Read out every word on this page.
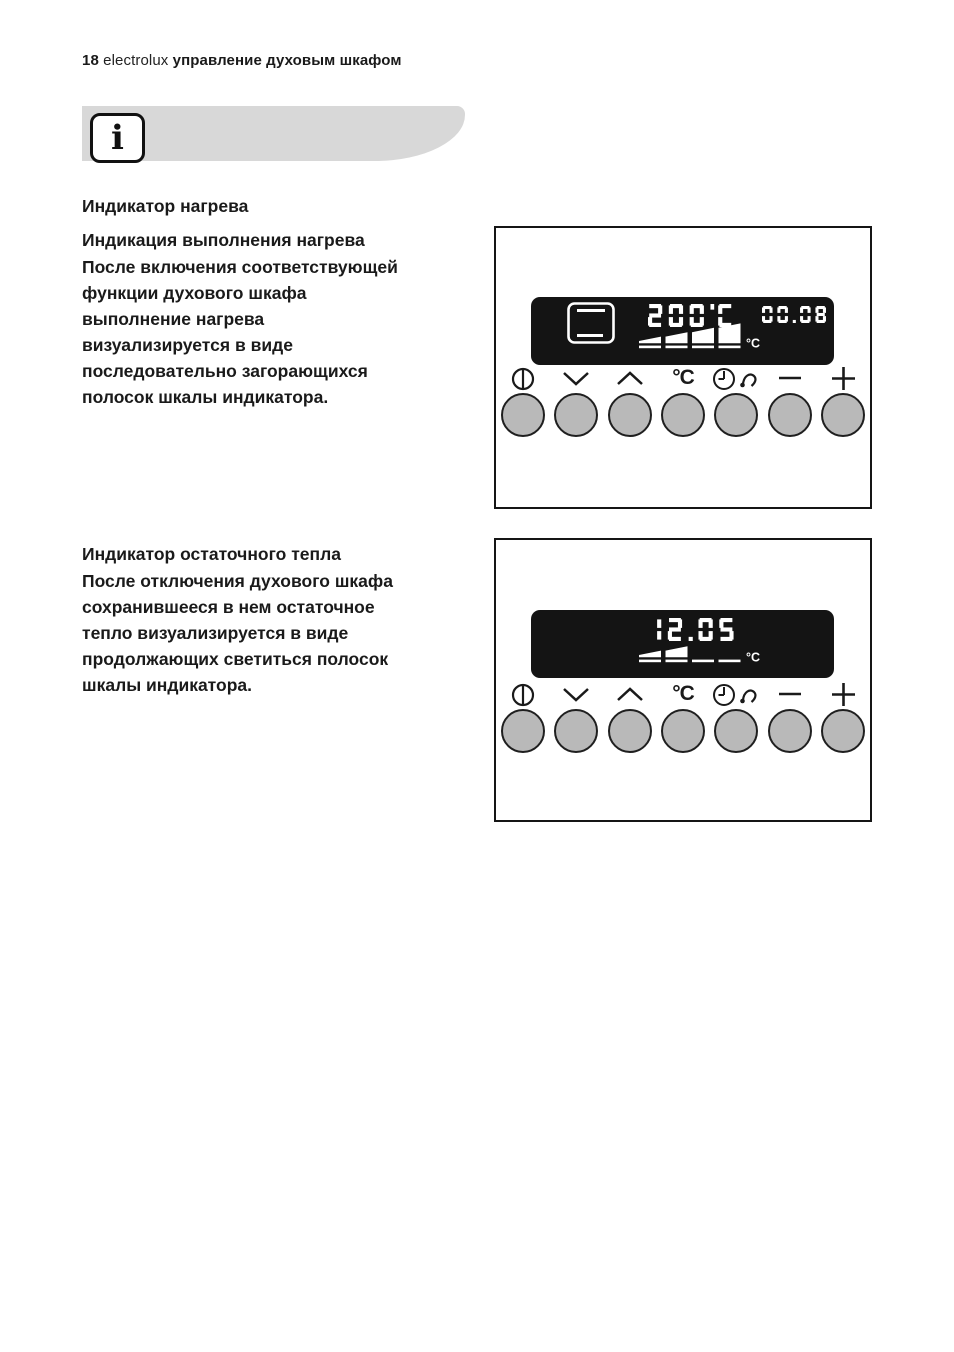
18 electrolux управление духовым шкафом
i
Индикатор нагрева
Индикация выполнения нагрева
После включения соответствующей
функции духового шкафа
выполнение нагрева
визуализируется в виде
последовательно загорающихся
полосок шкалы индикатора.
Индикатор остаточного тепла
После отключения духового шкафа
сохранившееся в нем остаточное
тепло визуализируется в виде
продолжающих светиться полосок
шкалы индикатора.
°C
°C
°C
°C
